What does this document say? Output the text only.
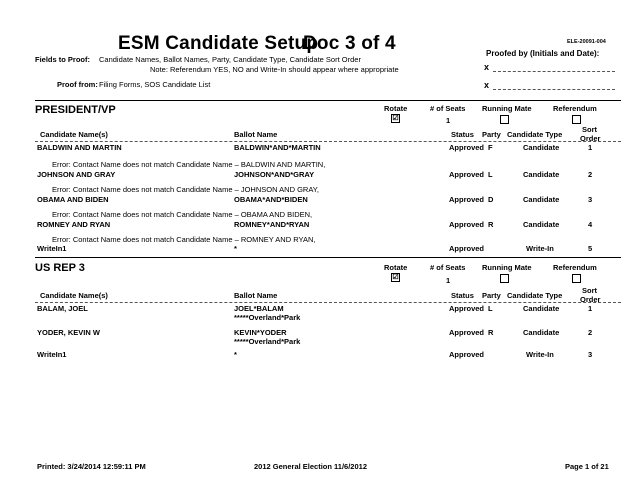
ESM Candidate Setup
Doc 3 of 4	ELE-20091-004
Fields to Proof: Candidate Names, Ballot Names, Party, Candidate Type, Candidate Sort Order
Note: Referendum YES, NO and Write-In should appear where appropriate
Proof from: Filing Forms, SOS Candidate List
Proofed by (Initials and Date):
x
x
PRESIDENT/VP	Rotate	# of Seats Running Mate	Referendum
☑	1
Candidate Name(s)	Ballot Name	Status Party Candidate Type
Sort
Order
BALDWIN AND MARTIN	BALDWIN*AND*MARTIN	Approved F	Candidate	1
Error: Contact Name does not match Candidate Name – BALDWIN AND MARTIN,
JOHNSON AND GRAY	JOHNSON*AND*GRAY	Approved L	Candidate	2
Error: Contact Name does not match Candidate Name – JOHNSON AND GRAY,
OBAMA AND BIDEN	OBAMA*AND*BIDEN	Approved D	Candidate	3
Error: Contact Name does not match Candidate Name – OBAMA AND BIDEN,
ROMNEY AND RYAN	ROMNEY*AND*RYAN	Approved R	Candidate	4
Error: Contact Name does not match Candidate Name – ROMNEY AND RYAN,
WriteIn1	*	Approved	Write-In	5
US REP 3	Rotate	# of Seats Running Mate	Referendum
☑	1
Candidate Name(s)	Ballot Name	Status Party Candidate Type
Sort
Order
BALAM, JOEL	JOEL*BALAM
*****Overland*Park
Approved L	Candidate	1
YODER, KEVIN W	KEVIN*YODER
*****Overland*Park
Approved R	Candidate	2
WriteIn1	*	Approved	Write-In	3
Printed: 3/24/2014 12:59:11 PM	2012 General Election 11/6/2012	Page 1 of 21
